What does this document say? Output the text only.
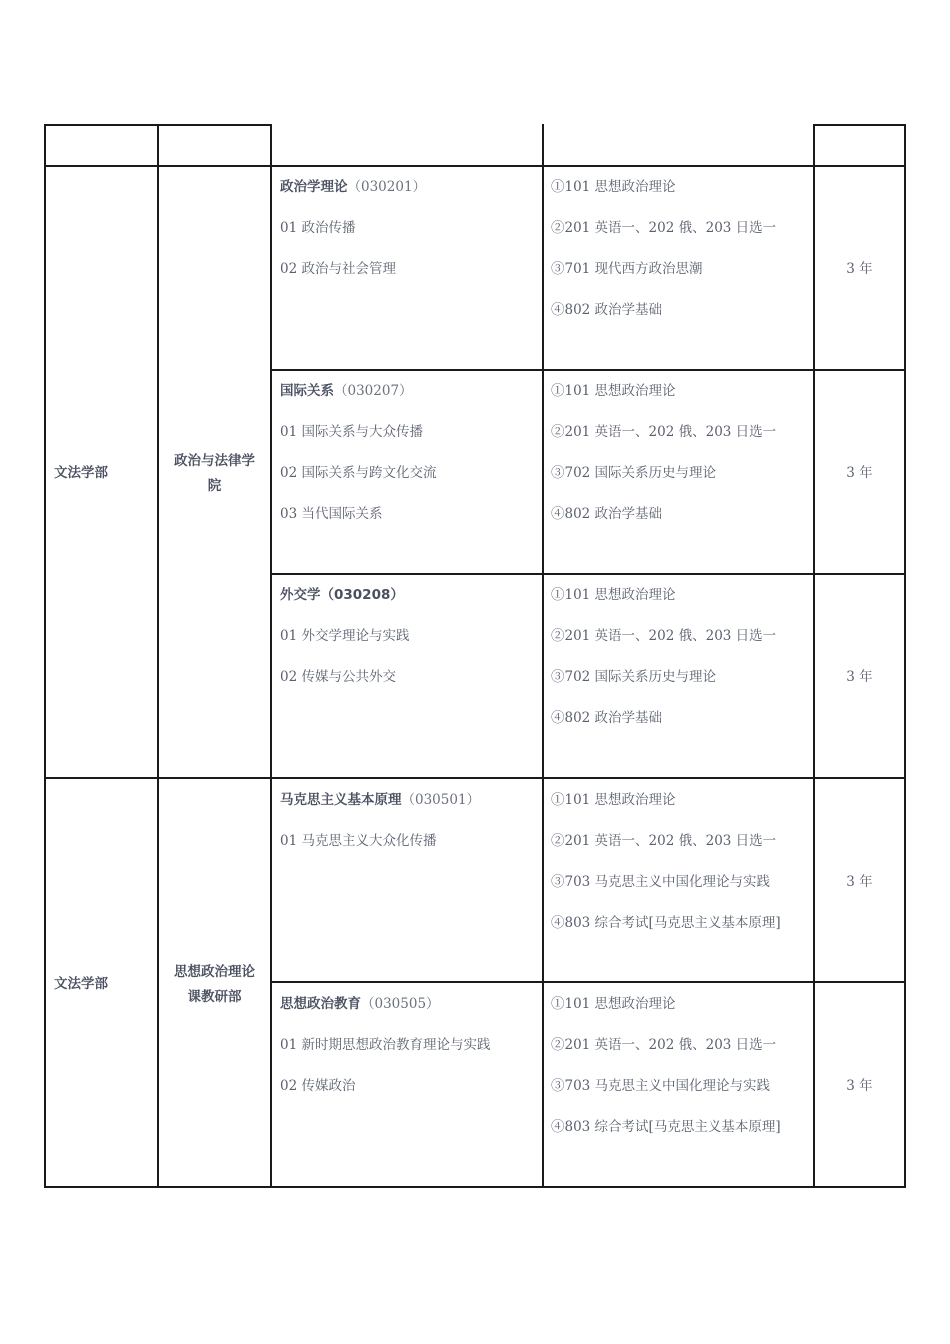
文法学部
政治与法律学
院
政治学理论（030201）
01 政治传播
02 政治与社会管理
①101 思想政治理论
②201 英语一、202 俄、203 日选一
③701 现代西方政治思潮
④802 政治学基础
3 年
国际关系（030207）
01 国际关系与大众传播
02 国际关系与跨文化交流
03 当代国际关系
①101 思想政治理论
②201 英语一、202 俄、203 日选一
③702 国际关系历史与理论
④802 政治学基础
3 年
外交学（030208）
01 外交学理论与实践
02 传媒与公共外交
①101 思想政治理论
②201 英语一、202 俄、203 日选一
③702 国际关系历史与理论
④802 政治学基础
3 年
文法学部
思想政治理论
课教研部
马克思主义基本原理（030501）
01 马克思主义大众化传播
①101 思想政治理论
②201 英语一、202 俄、203 日选一
③703 马克思主义中国化理论与实践
④803 综合考试[马克思主义基本原理]
3 年
思想政治教育（030505）
01 新时期思想政治教育理论与实践
02 传媒政治
①101 思想政治理论
②201 英语一、202 俄、203 日选一
③703 马克思主义中国化理论与实践
④803 综合考试[马克思主义基本原理]
3 年
